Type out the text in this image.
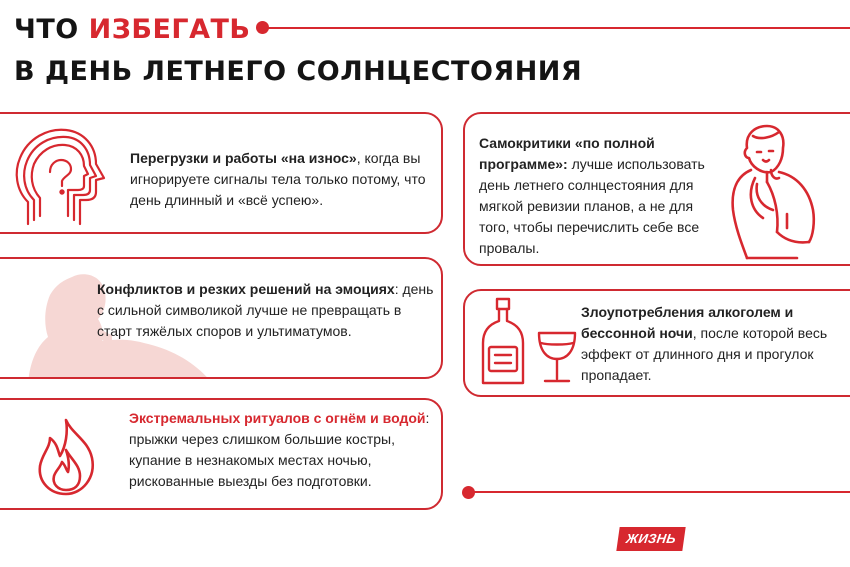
ЧТО ИЗБЕГАТЬ
В ДЕНЬ ЛЕТНЕГО СОЛНЦЕСТОЯНИЯ
Перегрузки и работы «на износ», когда вы игнорируете сигналы тела только потому, что день длинный и «всё успею».
Самокритики «по полной программе»: лучше использовать день летнего солнцестояния для мягкой ревизии планов, а не для того, чтобы перечислить себе все провалы.
Конфликтов и резких решений на эмоциях: день с сильной символикой лучше не превращать в старт тяжёлых споров и ультиматумов.
Злоупотребления алкоголем и бессонной ночи, после которой весь эффект от длинного дня и прогулок пропадает.
Экстремальных ритуалов с огнём и водой: прыжки через слишком большие костры, купание в незнакомых местах ночью, рискованные выезды без подготовки.
ЖИЗНЬ
